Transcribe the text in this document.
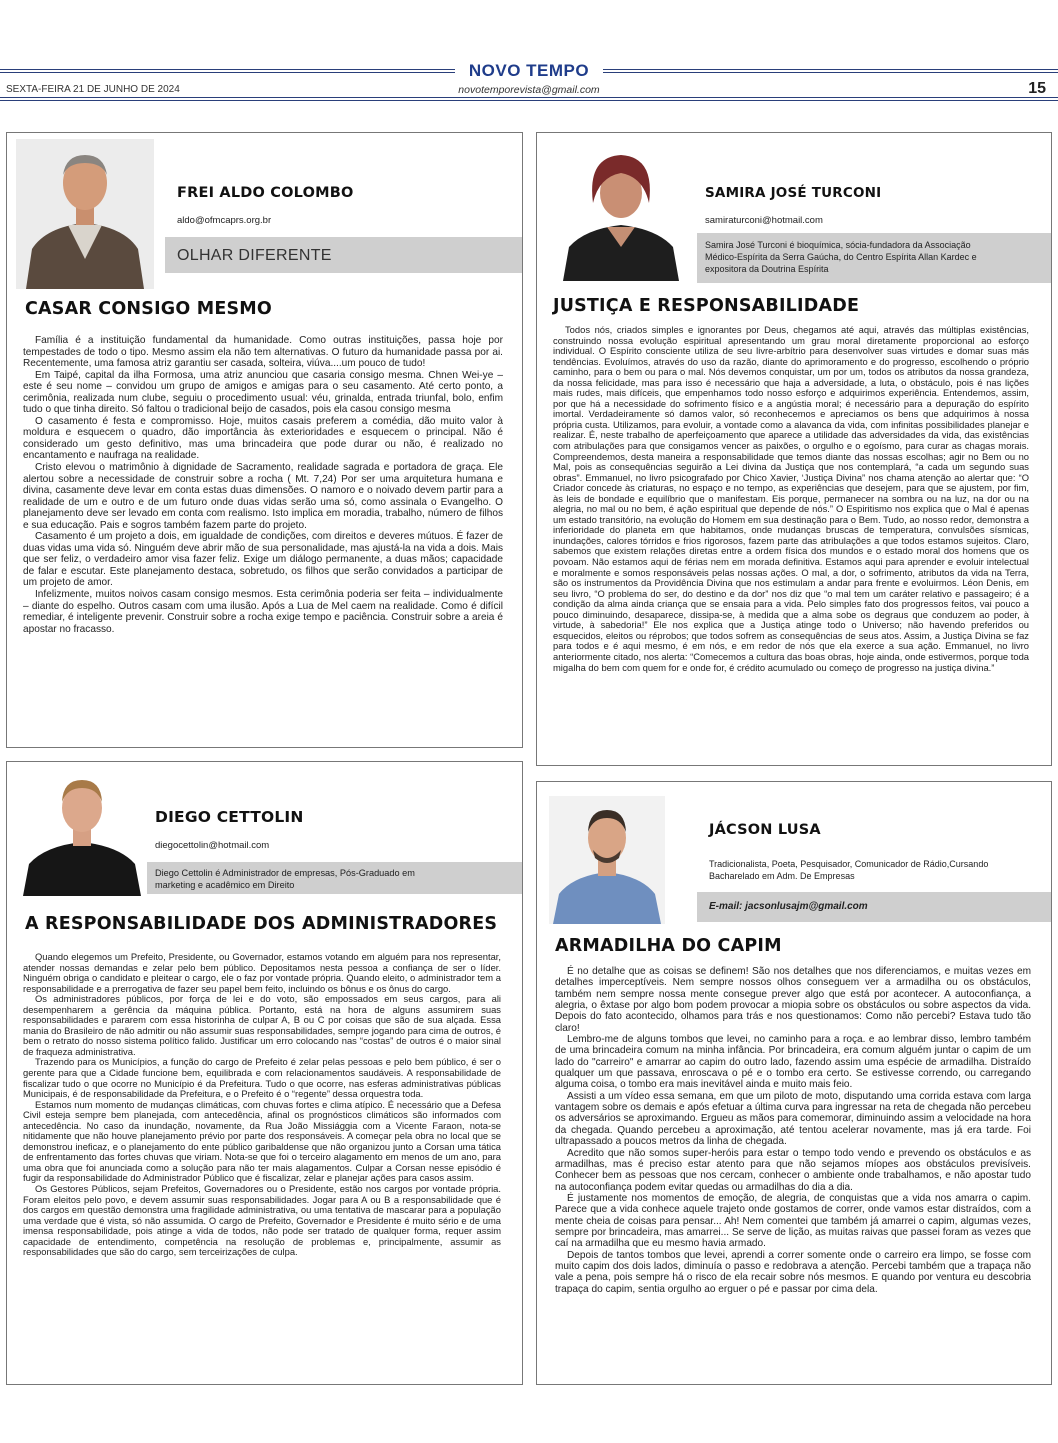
NOVO TEMPO
SEXTA-FEIRA 21 DE JUNHO DE 2024	novotemporevista@gmail.com	15
FREI ALDO COLOMBO
aldo@ofmcaprs.org.br
OLHAR DIFERENTE
CASAR CONSIGO MESMO

Família é a instituição fundamental da humanidade. Como outras instituições, passa hoje por tempestades de todo o tipo. Mesmo assim ela não tem alternativas. O futuro da humanidade passa por ai. Recentemente, uma famosa atriz garantiu ser casada, solteira, viúva....um pouco de tudo!

Em Taipé, capital da ilha Formosa, uma atriz anunciou que casaria consigo mesma. Chnen Wei-ye – este é seu nome – convidou um grupo de amigos e amigas para o seu casamento. Até certo ponto, a cerimônia, realizada num clube, seguiu o procedimento usual: véu, grinalda, entrada triunfal, bolo, enfim tudo o que tinha direito. Só faltou o tradicional beijo de casados, pois ela casou consigo mesma

O casamento é festa e compromisso. Hoje, muitos casais preferem a comédia, dão muito valor à moldura e esquecem o quadro, dão importância às exterioridades e esquecem o principal. Não é considerado um gesto definitivo, mas uma brincadeira que pode durar ou não, é realizado no encantamento e naufraga na realidade.

Cristo elevou o matrimônio à dignidade de Sacramento, realidade sagrada e portadora de graça. Ele alertou sobre a necessidade de construir sobre a rocha ( Mt. 7,24) Por ser uma arquitetura humana e divina, casamente deve levar em conta estas duas dimensões. O namoro e o noivado devem partir para a realidade de um e outro e de um futuro onde duas vidas serão uma só, como assinala o Evangelho. O planejamento deve ser levado em conta com realismo. Isto implica em moradia, trabalho, número de filhos e sua educação. Pais e sogros também fazem parte do projeto.

Casamento é um projeto a dois, em igualdade de condições, com direitos e deveres mútuos. É fazer de duas vidas uma vida só. Ninguém deve abrir mão de sua personalidade, mas ajustá-la na vida a dois. Mais que ser feliz, o verdadeiro amor visa fazer feliz. Exige um diálogo permanente, a duas mãos; capacidade de falar e escutar. Este planejamento destaca, sobretudo, os filhos que serão convidados a participar de um projeto de amor.

Infelizmente, muitos noivos casam consigo mesmos. Esta cerimônia poderia ser feita – individualmente – diante do espelho. Outros casam com uma ilusão. Após a Lua de Mel caem na realidade. Como é difícil remediar, é inteligente prevenir. Construir sobre a rocha exige tempo e paciência. Construir sobre a areia é apostar no fracasso.

SAMIRA JOSÉ TURCONI
samiraturconi@hotmail.com
Samira José Turconi é bioquímica, sócia-fundadora da Associação Médico-Espírita da Serra Gaúcha, do Centro Espírita Allan Kardec e expositora da Doutrina Espírita
JUSTIÇA E RESPONSABILIDADE

Todos nós, criados simples e ignorantes por Deus, chegamos até aqui, através das múltiplas existências, construindo nossa evolução espiritual apresentando um grau moral diretamente proporcional ao esforço individual. O Espírito consciente utiliza de seu livre-arbítrio para desenvolver suas virtudes e domar suas más tendências. Evoluímos, através do uso da razão, diante do aprimoramento e do progresso, escolhendo o próprio caminho, para o bem ou para o mal. Nós devemos conquistar, um por um, todos os atributos da nossa grandeza, da nossa felicidade, mas para isso é necessário que haja a adversidade, a luta, o obstáculo, pois é nas lições mais rudes, mais difíceis, que empenhamos todo nosso esforço e adquirimos experiência. Entendemos, assim, por que há a necessidade do sofrimento físico e a angústia moral; é necessário para a depuração do espírito imortal. Verdadeiramente só damos valor, só reconhecemos e apreciamos os bens que adquirimos à nossa própria custa. Utilizamos, para evoluir, a vontade como a alavanca da vida, com infinitas possibilidades planejar e realizar. É, neste trabalho de aperfeiçoamento que aparece a utilidade das adversidades da vida, das existências com atribulações para que consigamos vencer as paixões, o orgulho e o egoísmo, para curar as chagas morais. Compreendemos, desta maneira a responsabilidade que temos diante das nossas escolhas; agir no Bem ou no Mal, pois as consequências seguirão a Lei divina da Justiça que nos contemplará, “a cada um segundo suas obras”. Emmanuel, no livro psicografado por Chico Xavier, ‘Justiça Divina” nos chama atenção ao alertar que: “O Criador concede às criaturas, no espaço e no tempo, as experiências que desejem, para que se ajustem, por fim, às leis de bondade e equilíbrio que o manifestam. Eis porque, permanecer na sombra ou na luz, na dor ou na alegria, no mal ou no bem, é ação espiritual que depende de nós.” O Espiritismo nos explica que o Mal é apenas um estado transitório, na evolução do Homem em sua destinação para o Bem. Tudo, ao nosso redor, demonstra a inferioridade do planeta em que habitamos, onde mudanças bruscas de temperatura, convulsões sísmicas, inundações, calores tórridos e frios rigorosos, fazem parte das atribulações a que todos estamos sujeitos. Claro, sabemos que existem relações diretas entre a ordem física dos mundos e o estado moral dos homens que os povoam. Não estamos aqui de férias nem em morada definitiva. Estamos aqui para aprender e evoluir intelectual e moralmente e somos responsáveis pelas nossas ações. O mal, a dor, o sofrimento, atributos da vida na Terra, são os instrumentos da Providência Divina que nos estimulam a andar para frente e evoluirmos. Léon Denis, em seu livro, “O problema do ser, do destino e da dor” nos diz que “o mal tem um caráter relativo e passageiro; é a condição da alma ainda criança que se ensaia para a vida. Pelo simples fato dos progressos feitos, vai pouco a pouco diminuindo, desaparece, dissipa-se, à medida que a alma sobe os degraus que conduzem ao poder, à virtude, à sabedoria!” Ele nos explica que a Justiça atinge todo o Universo; não havendo preferidos ou esquecidos, eleitos ou réprobos; que todos sofrem as consequências de seus atos. Assim, a Justiça Divina se faz para todos e é aqui mesmo, é em nós, e em redor de nós que ela exerce a sua ação. Emmanuel, no livro anteriormente citado, nos alerta: “Comecemos a cultura das boas obras, hoje ainda, onde estivermos, porque toda migalha do bem com quem for e onde for, é crédito acumulado ou começo de progresso na justiça divina.”

DIEGO CETTOLIN
diegocettolin@hotmail.com
Diego Cettolin é Administrador de empresas, Pós-Graduado em marketing e acadêmico em Direito
A RESPONSABILIDADE DOS ADMINISTRADORES

Quando elegemos um Prefeito, Presidente, ou Governador, estamos votando em alguém para nos representar, atender nossas demandas e zelar pelo bem público. Depositamos nesta pessoa a confiança de ser o líder. Ninguém obriga o candidato e pleitear o cargo, ele o faz por vontade própria. Quando eleito, o administrador tem a responsabilidade e a prerrogativa de fazer seu papel bem feito, incluindo os bônus e os ônus do cargo.

Os administradores públicos, por força de lei e do voto, são empossados em seus cargos, para ali desempenharem a gerência da máquina pública. Portanto, está na hora de alguns assumirem suas responsabilidades e pararem com essa historinha de culpar A, B ou C por coisas que são de sua alçada. Essa mania do Brasileiro de não admitir ou não assumir suas responsabilidades, sempre jogando para cima de outros, é bem o retrato do nosso sistema político falido. Justificar um erro colocando nas “costas” de outros é o maior sinal de fraqueza administrativa.

Trazendo para os Municípios, a função do cargo de Prefeito é zelar pelas pessoas e pelo bem público, é ser o gerente para que a Cidade funcione bem, equilibrada e com relacionamentos saudáveis. A responsabilidade de fiscalizar tudo o que ocorre no Município é da Prefeitura. Tudo o que ocorre, nas esferas administrativas públicas Municipais, é de responsabilidade da Prefeitura, e o Prefeito é o “regente” dessa orquestra toda.

Estamos num momento de mudanças climáticas, com chuvas fortes e clima atípico. É necessário que a Defesa Civil esteja sempre bem planejada, com antecedência, afinal os prognósticos climáticos são informados com antecedência. No caso da inundação, novamente, da Rua João Missiággia com a Vicente Faraon, nota-se nitidamente que não houve planejamento prévio por parte dos responsáveis. A começar pela obra no local que se demonstrou ineficaz, e o planejamento do ente público garibaldense que não organizou junto a Corsan uma tática de enfrentamento das fortes chuvas que viriam. Nota-se que foi o terceiro alagamento em menos de um ano, para uma obra que foi anunciada como a solução para não ter mais alagamentos. Culpar a Corsan nesse episódio é fugir da responsabilidade do Administrador Público que é fiscalizar, zelar e planejar ações para casos assim.

Os Gestores Públicos, sejam Prefeitos, Governadores ou o Presidente, estão nos cargos por vontade própria. Foram eleitos pelo povo, e devem assumir suas responsabilidades. Jogar para A ou B a responsabilidade que é dos cargos em questão demonstra uma fragilidade administrativa, ou uma tentativa de mascarar para a população uma verdade que é vista, só não assumida. O cargo de Prefeito, Governador e Presidente é muito sério e de uma imensa responsabilidade, pois atinge a vida de todos, não pode ser tratado de qualquer forma, requer assim capacidade de entendimento, competência na resolução de problemas e, principalmente, assumir as responsabilidades que são do cargo, sem terceirizações de culpa.

JÁCSON LUSA
Tradicionalista, Poeta, Pesquisador, Comunicador de Rádio,Cursando Bacharelado em Adm. De Empresas
E-mail: jacsonlusajm@gmail.com
ARMADILHA DO CAPIM

É no detalhe que as coisas se definem! São nos detalhes que nos diferenciamos, e muitas vezes em detalhes imperceptíveis. Nem sempre nossos olhos conseguem ver a armadilha ou os obstáculos, também nem sempre nossa mente consegue prever algo que está por acontecer. A autoconfiança, a alegria, o êxtase por algo bom podem provocar a miopia sobre os obstáculos ou sobre aspectos da vida. Depois do fato acontecido, olhamos para trás e nos questionamos: Como não percebi? Estava tudo tão claro!

Lembro-me de alguns tombos que levei, no caminho para a roça. e ao lembrar disso, lembro também de uma brincadeira comum na minha infância. Por brincadeira, era comum alguém juntar o capim de um lado do "carreiro" e amarrar ao capim do outro lado, fazendo assim uma espécie de armadilha. Distraído qualquer um que passava, enroscava o pé e o tombo era certo. Se estivesse correndo, ou carregando alguma coisa, o tombo era mais inevitável ainda e muito mais feio.

Assisti a um vídeo essa semana, em que um piloto de moto, disputando uma corrida estava com larga vantagem sobre os demais e após efetuar a última curva para ingressar na reta de chegada não percebeu os adversários se aproximando. Ergueu as mãos para comemorar, diminuindo assim a velocidade na hora da chegada. Quando percebeu a aproximação, até tentou acelerar novamente, mas já era tarde. Foi ultrapassado a poucos metros da linha de chegada.

Acredito que não somos super-heróis para estar o tempo todo vendo e prevendo os obstáculos e as armadilhas, mas é preciso estar atento para que não sejamos míopes aos obstáculos previsíveis. Conhecer bem as pessoas que nos cercam, conhecer o ambiente onde trabalhamos, e não apostar tudo na autoconfiança podem evitar quedas ou armadilhas do dia a dia.

É justamente nos momentos de emoção, de alegria, de conquistas que a vida nos amarra o capim. Parece que a vida conhece aquele trajeto onde gostamos de correr, onde vamos estar distraídos, com a mente cheia de coisas para pensar... Ah! Nem comentei que também já amarrei o capim, algumas vezes, sempre por brincadeira, mas amarrei... Se serve de lição, as muitas raivas que passei foram as vezes que caí na armadilha que eu mesmo havia armado.

Depois de tantos tombos que levei, aprendi a correr somente onde o carreiro era limpo, se fosse com muito capim dos dois lados, diminuía o passo e redobrava a atenção. Percebi também que a trapaça não vale a pena, pois sempre há o risco de ela recair sobre nós mesmos. E quando por ventura eu descobria trapaça do capim, sentia orgulho ao erguer o pé e passar por cima dela.
